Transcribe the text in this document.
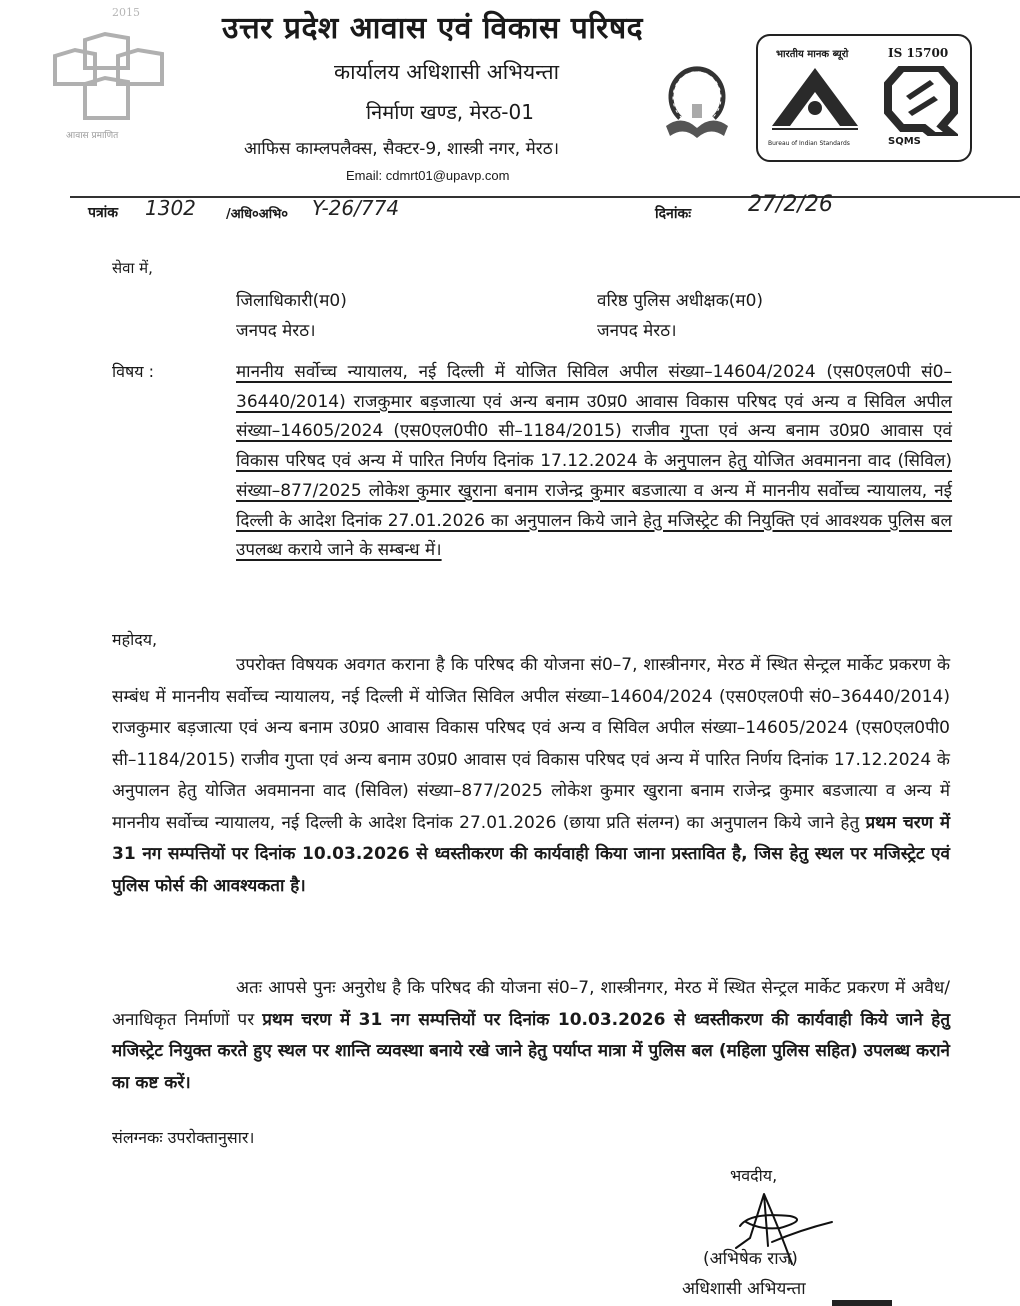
2015
आवास प्रमाणित
उत्तर प्रदेश आवास एवं विकास परिषद
कार्यालय अधिशासी अभियन्ता
निर्माण खण्ड, मेरठ-01
आफिस काम्लपलैक्स, सैक्टर-9, शास्त्री नगर, मेरठ।
Email: cdmrt01@upavp.com
भारतीय मानक ब्यूरो	IS 15700
Bureau of Indian Standards	SQMS
पत्रांक 1302 /अधि०अभि० Y-26/774	दिनांकः	27/2/26
सेवा में,
जिलाधिकारी(म0)
जनपद मेरठ।
वरिष्ठ पुलिस अधीक्षक(म0)
जनपद मेरठ।
विषय :	माननीय सर्वोच्च न्यायालय, नई दिल्ली में योजित सिविल अपील संख्या–14604/2024 (एस0एल0पी सं0–36440/2014) राजकुमार बड़जात्या एवं अन्य बनाम उ0प्र0 आवास विकास परिषद एवं अन्य व सिविल अपील संख्या–14605/2024 (एस0एल0पी0 सी–1184/2015) राजीव गुप्ता एवं अन्य बनाम उ0प्र0 आवास एवं विकास परिषद एवं अन्य में पारित निर्णय दिनांक 17.12.2024 के अनुपालन हेतु योजित अवमानना वाद (सिविल) संख्या–877/2025 लोकेश कुमार खुराना बनाम राजेन्द्र कुमार बडजात्या व अन्य में माननीय सर्वोच्च न्यायालय, नई दिल्ली के आदेश दिनांक 27.01.2026 का अनुपालन किये जाने हेतु मजिस्ट्रेट की नियुक्ति एवं आवश्यक पुलिस बल उपलब्ध कराये जाने के सम्बन्ध में।
महोदय,
उपरोक्त विषयक अवगत कराना है कि परिषद की योजना सं0–7, शास्त्रीनगर, मेरठ में स्थित सेन्ट्रल मार्केट प्रकरण के सम्बंध में माननीय सर्वोच्च न्यायालय, नई दिल्ली में योजित सिविल अपील संख्या–14604/2024 (एस0एल0पी सं0–36440/2014) राजकुमार बड़जात्या एवं अन्य बनाम उ0प्र0 आवास विकास परिषद एवं अन्य व सिविल अपील संख्या–14605/2024 (एस0एल0पी0 सी–1184/2015) राजीव गुप्ता एवं अन्य बनाम उ0प्र0 आवास एवं विकास परिषद एवं अन्य में पारित निर्णय दिनांक 17.12.2024 के अनुपालन हेतु योजित अवमानना वाद (सिविल) संख्या–877/2025 लोकेश कुमार खुराना बनाम राजेन्द्र कुमार बडजात्या व अन्य में माननीय सर्वोच्च न्यायालय, नई दिल्ली के आदेश दिनांक 27.01.2026 (छाया प्रति संलग्न) का अनुपालन किये जाने हेतु प्रथम चरण में 31 नग सम्पत्तियों पर दिनांक 10.03.2026 से ध्वस्तीकरण की कार्यवाही किया जाना प्रस्तावित है, जिस हेतु स्थल पर मजिस्ट्रेट एवं पुलिस फोर्स की आवश्यकता है।
अतः आपसे पुनः अनुरोध है कि परिषद की योजना सं0–7, शास्त्रीनगर, मेरठ में स्थित सेन्ट्रल मार्केट प्रकरण में अवैध/अनाधिकृत निर्माणों पर प्रथम चरण में 31 नग सम्पत्तियों पर दिनांक 10.03.2026 से ध्वस्तीकरण की कार्यवाही किये जाने हेतु मजिस्ट्रेट नियुक्त करते हुए स्थल पर शान्ति व्यवस्था बनाये रखे जाने हेतु पर्याप्त मात्रा में पुलिस बल (महिला पुलिस सहित) उपलब्ध कराने का कष्ट करें।
संलग्नकः उपरोक्तानुसार।
भवदीय,
(अभिषेक राज)
अधिशासी अभियन्ता
